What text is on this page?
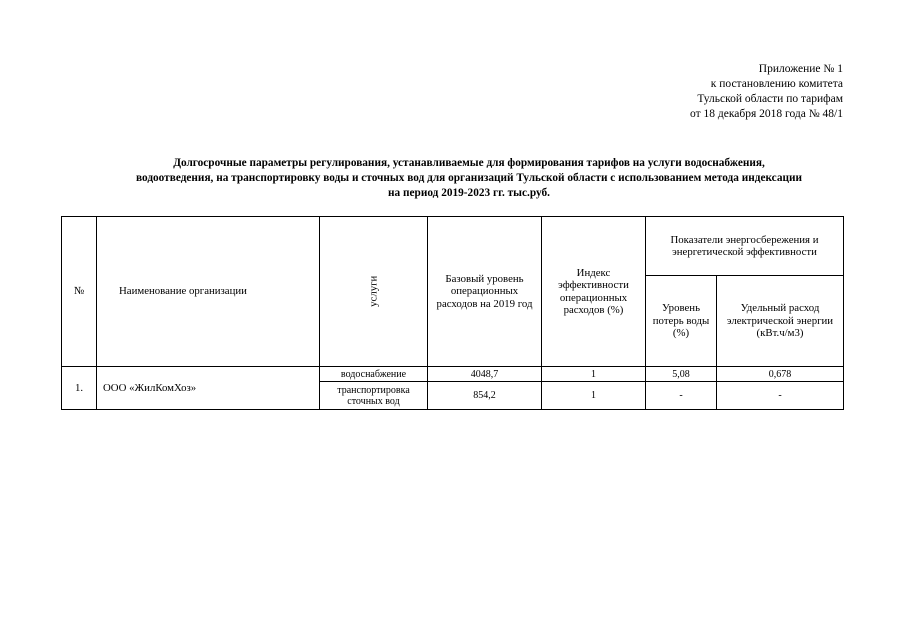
Приложение № 1
к постановлению комитета
Тульской области по тарифам
от 18 декабря 2018 года № 48/1
Долгосрочные параметры регулирования, устанавливаемые для формирования тарифов на услуги водоснабжения,
водоотведения, на транспортировку воды и сточных вод для организаций Тульской области с использованием метода индексации
на период 2019-2023 гг. тыс.руб.
№	Наименование организации	услуги	Базовый уровень операционных расходов на 2019 год	Индекс эффективности операционных расходов (%)	Показатели энергосбережения и энергетической эффективности	
					Уровень потерь воды (%)	Удельный расход электрической энергии (кВт.ч/м3)
1.	ООО «ЖилКомХоз»	водоснабжение	4048,7	1	5,08	0,678
		транспортировка сточных вод	854,2	1	-	-
